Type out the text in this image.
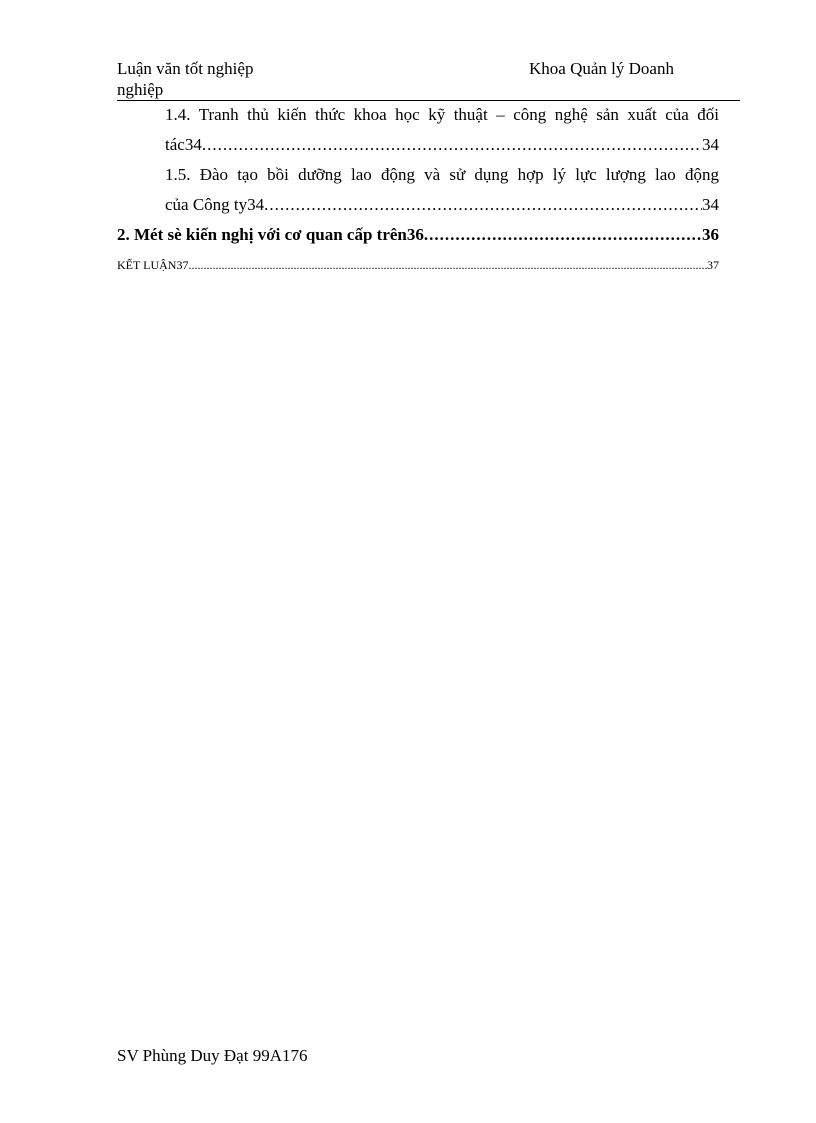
Luận văn tốt nghiệp	Khoa Quản lý Doanh
nghiệp
1.4. Tranh thủ kiến thức khoa học kỹ thuật – công nghệ sản xuất của đối
tác34 .....	34
1.5. Đào tạo bồi dưỡng lao động và sử dụng hợp lý lực lượng lao động
của Công ty34 .....	34
2. Mét sè kiến nghị với cơ quan cấp trên36 .....	36
KẾT LUẬN37 .....	37
SV Phùng Duy Đạt 99A176
